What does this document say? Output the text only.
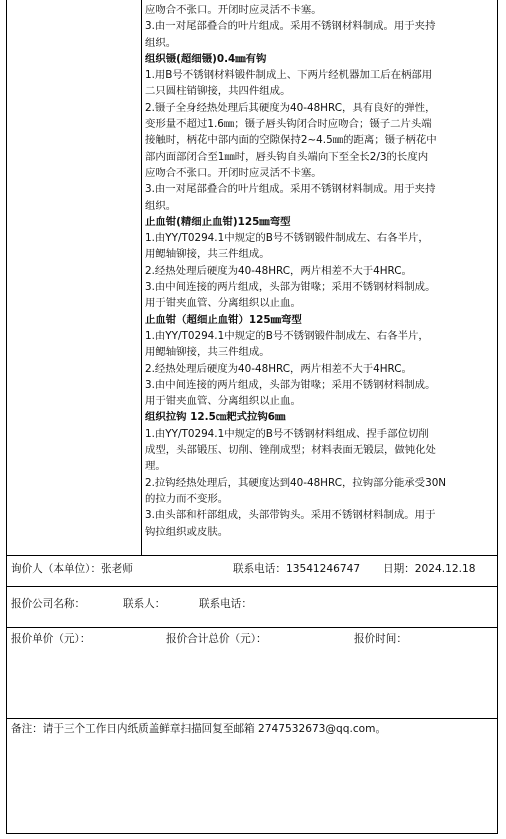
应吻合不张口。开闭时应灵活不卡塞。

3.由一对尾部叠合的叶片组成。采用不锈钢材料制成。用于夹持

组织。

组织镊(超细镊)0.4㎜有钩

1.用B号不锈钢材料锻件制成上、下两片经机器加工后在柄部用

二只圆柱销铆接，共四件组成。

2.镊子全身经热处理后其硬度为40-48HRC，具有良好的弹性，

变形量不超过1.6㎜；镊子唇头钩闭合时应吻合；镊子二片头端

接触时，柄花中部内面的空隙保持2~4.5㎜的距离；镊子柄花中

部内面部闭合至1㎜时，唇头钩自头端向下至全长2/3的长度内

应吻合不张口。开闭时应灵活不卡塞。

3.由一对尾部叠合的叶片组成。采用不锈钢材料制成。用于夹持

组织。

止血钳(精细止血钳)125㎜弯型

1.由YY/T0294.1中规定的B号不锈钢锻件制成左、右各半片，

用鳃轴铆接，共三件组成。

2.经热处理后硬度为40-48HRC，两片相差不大于4HRC。

3.由中间连接的两片组成，头部为钳喙；采用不锈钢材料制成。

用于钳夹血管、分离组织以止血。

止血钳（超细止血钳）125㎜弯型

1.由YY/T0294.1中规定的B号不锈钢锻件制成左、右各半片，

用鳃轴铆接，共三件组成。

2.经热处理后硬度为40-48HRC，两片相差不大于4HRC。

3.由中间连接的两片组成，头部为钳喙；采用不锈钢材料制成。

用于钳夹血管、分离组织以止血。

组织拉钩 12.5㎝耙式拉钩6㎜

1.由YY/T0294.1中规定的B号不锈钢材料组成、捏手部位切削

成型，头部锻压、切削、锉削成型；材料表面无锻层，做钝化处

理。

2.拉钩经热处理后，其硬度达到40-48HRC，拉钩部分能承受30N

的拉力而不变形。

3.由头部和杆部组成，头部带钩头。采用不锈钢材料制成。用于

钩拉组织或皮肤。

询价人（本单位）：张老师	联系电话：13541246747 日期：2024.12.18
报价公司名称：	联系人：	联系电话：
报价单价（元）：	报价合计总价（元）：	报价时间：
备注：请于三个工作日内纸质盖鲜章扫描回复至邮箱 2747532673@qq.com。
